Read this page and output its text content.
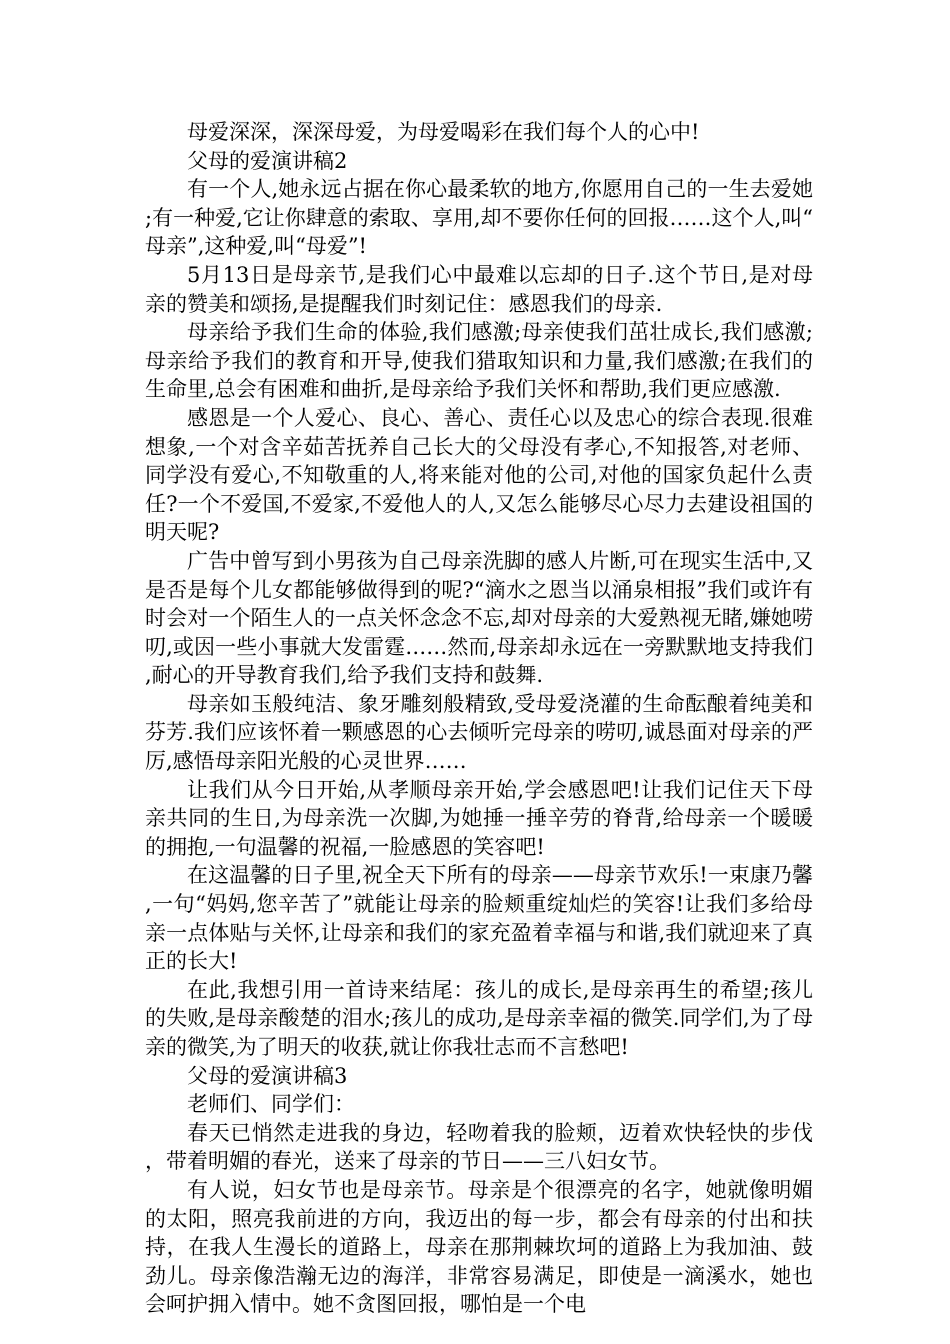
母爱深深，深深母爱，为母爱喝彩在我们每个人的心中!

父母的爱演讲稿2

有一个人,她永远占据在你心最柔软的地方,你愿用自己的一生去爱她;有一种爱,它让你肆意的索取、享用,却不要你任何的回报……这个人,叫“母亲”,这种爱,叫“母爱”!

5月13日是母亲节,是我们心中最难以忘却的日子.这个节日,是对母亲的赞美和颂扬,是提醒我们时刻记住：感恩我们的母亲.

母亲给予我们生命的体验,我们感激;母亲使我们茁壮成长,我们感激;母亲给予我们的教育和开导,使我们猎取知识和力量,我们感激;在我们的生命里,总会有困难和曲折,是母亲给予我们关怀和帮助,我们更应感激.

感恩是一个人爱心、良心、善心、责任心以及忠心的综合表现.很难想象,一个对含辛茹苦抚养自己长大的父母没有孝心,不知报答,对老师、同学没有爱心,不知敬重的人,将来能对他的公司,对他的国家负起什么责任?一个不爱国,不爱家,不爱他人的人,又怎么能够尽心尽力去建设祖国的明天呢?

广告中曾写到小男孩为自己母亲洗脚的感人片断,可在现实生活中,又是否是每个儿女都能够做得到的呢?“滴水之恩当以涌泉相报”我们或许有时会对一个陌生人的一点关怀念念不忘,却对母亲的大爱熟视无睹,嫌她唠叨,或因一些小事就大发雷霆……然而,母亲却永远在一旁默默地支持我们,耐心的开导教育我们,给予我们支持和鼓舞.

母亲如玉般纯洁、象牙雕刻般精致,受母爱浇灌的生命酝酿着纯美和芬芳.我们应该怀着一颗感恩的心去倾听完母亲的唠叨,诚恳面对母亲的严厉,感悟母亲阳光般的心灵世界……

让我们从今日开始,从孝顺母亲开始,学会感恩吧!让我们记住天下母亲共同的生日,为母亲洗一次脚,为她捶一捶辛劳的脊背,给母亲一个暖暖的拥抱,一句温馨的祝福,一脸感恩的笑容吧!

在这温馨的日子里,祝全天下所有的母亲——母亲节欢乐!一束康乃馨,一句“妈妈,您辛苦了”就能让母亲的脸颊重绽灿烂的笑容!让我们多给母亲一点体贴与关怀,让母亲和我们的家充盈着幸福与和谐,我们就迎来了真正的长大!

在此,我想引用一首诗来结尾：孩儿的成长,是母亲再生的希望;孩儿的失败,是母亲酸楚的泪水;孩儿的成功,是母亲幸福的微笑.同学们,为了母亲的微笑,为了明天的收获,就让你我壮志而不言愁吧!

父母的爱演讲稿3

老师们、同学们：

春天已悄然走进我的身边，轻吻着我的脸颊，迈着欢快轻快的步伐，带着明媚的春光，送来了母亲的节日——三八妇女节。

有人说，妇女节也是母亲节。母亲是个很漂亮的名字，她就像明媚的太阳，照亮我前进的方向，我迈出的每一步，都会有母亲的付出和扶持，在我人生漫长的道路上，母亲在那荆棘坎坷的道路上为我加油、鼓劲儿。母亲像浩瀚无边的海洋，非常容易满足，即使是一滴溪水，她也会呵护拥入情中。她不贪图回报，哪怕是一个电
